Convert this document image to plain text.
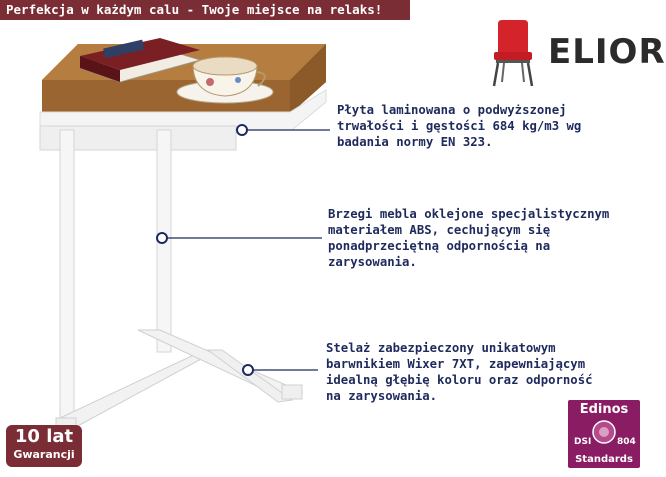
Perfekcja w każdym calu - Twoje miejsce na relaks!
ELIOR
Płyta laminowana o podwyższonej
trwałości i gęstości 684 kg/m3 wg
badania normy EN 323.
Brzegi mebla oklejone specjalistycznym
materiałem ABS, cechującym się
ponadprzeciętną odpornością na
zarysowania.
Stelaż zabezpieczony unikatowym
barwnikiem Wixer 7XT, zapewniającym
idealną głębię koloru oraz odporność
na zarysowania.
10 lat
Gwarancji
Edinos
DSI	804
Standards
